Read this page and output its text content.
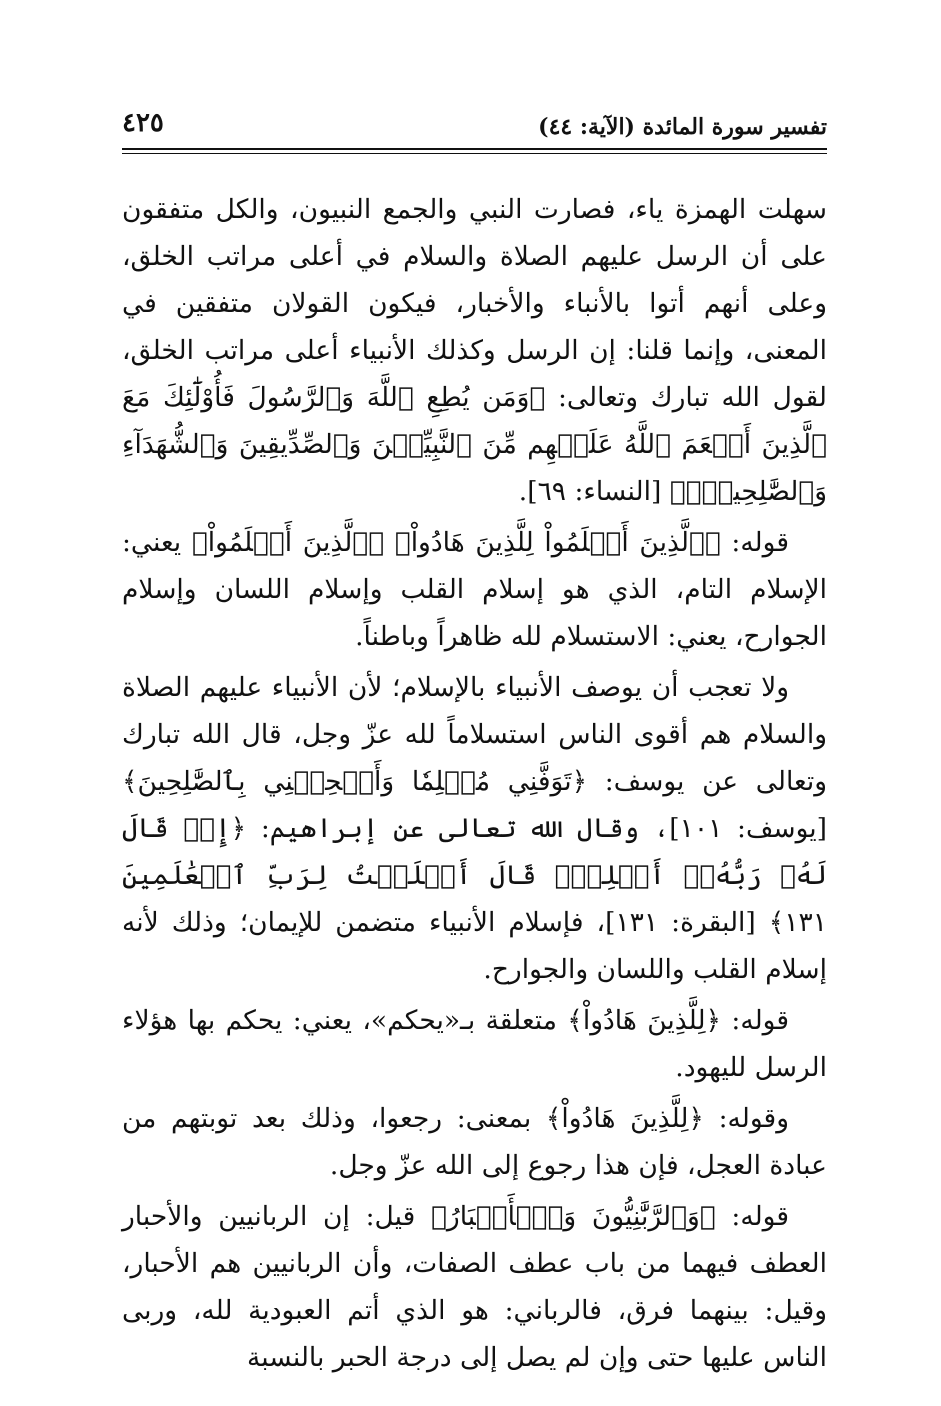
تفسير سورة المائدة (الآية: ٤٤)
٤٢٥

سهلت الهمزة ياء، فصارت النبي والجمع النبيون، والكل متفقون على أن الرسل عليهم الصلاة والسلام في أعلى مراتب الخلق، وعلى أنهم أتوا بالأنباء والأخبار، فيكون القولان متفقين في المعنى، وإنما قلنا: إن الرسل وكذلك الأنبياء أعلى مراتب الخلق، لقول الله تبارك وتعالى: ﴿وَمَن يُطِعِ ٱللَّهَ وَٱلرَّسُولَ فَأُوْلَٰٓئِكَ مَعَ ٱلَّذِينَ أَنۡعَمَ ٱللَّهُ عَلَيۡهِم مِّنَ ٱلنَّبِيِّـۧنَ وَٱلصِّدِّيقِينَ وَٱلشُّهَدَآءِ وَٱلصَّٰلِحِينَۚ﴾ [النساء: ٦٩].

قوله: ﴿ٱلَّذِينَ أَسۡلَمُواْ لِلَّذِينَ هَادُواْ﴾ ﴿ٱلَّذِينَ أَسۡلَمُواْ﴾ يعني: الإسلام التام، الذي هو إسلام القلب وإسلام اللسان وإسلام الجوارح، يعني: الاستسلام لله ظاهراً وباطناً.

ولا تعجب أن يوصف الأنبياء بالإسلام؛ لأن الأنبياء عليهم الصلاة والسلام هم أقوى الناس استسلاماً لله عزّ وجل، قال الله تبارك وتعالى عن يوسف: ﴿تَوَفَّنِي مُسۡلِمٗا وَأَلۡحِقۡنِي بِٱلصَّٰلِحِينَ﴾ [يوسف: ١٠١]، وقال الله تعالى عن إبراهيم: ﴿إِذۡ قَالَ لَهُۥ رَبُّهُۥٓ أَسۡلِمۡۖ قَالَ أَسۡلَمۡتُ لِرَبِّ ٱلۡعَٰلَمِينَ ١٣١﴾ [البقرة: ١٣١]، فإسلام الأنبياء متضمن للإيمان؛ وذلك لأنه إسلام القلب واللسان والجوارح.

قوله: ﴿لِلَّذِينَ هَادُواْ﴾ متعلقة بـ«يحكم»، يعني: يحكم بها هؤلاء الرسل لليهود.

وقوله: ﴿لِلَّذِينَ هَادُواْ﴾ بمعنى: رجعوا، وذلك بعد توبتهم من عبادة العجل، فإن هذا رجوع إلى الله عزّ وجل.

قوله: ﴿وَٱلرَّبَّٰنِيُّونَ وَٱلۡأَحۡبَارُ﴾ قيل: إن الربانيين والأحبار العطف فيهما من باب عطف الصفات، وأن الربانيين هم الأحبار، وقيل: بينهما فرق، فالرباني: هو الذي أتم العبودية لله، وربى الناس عليها حتى وإن لم يصل إلى درجة الحبر بالنسبة
